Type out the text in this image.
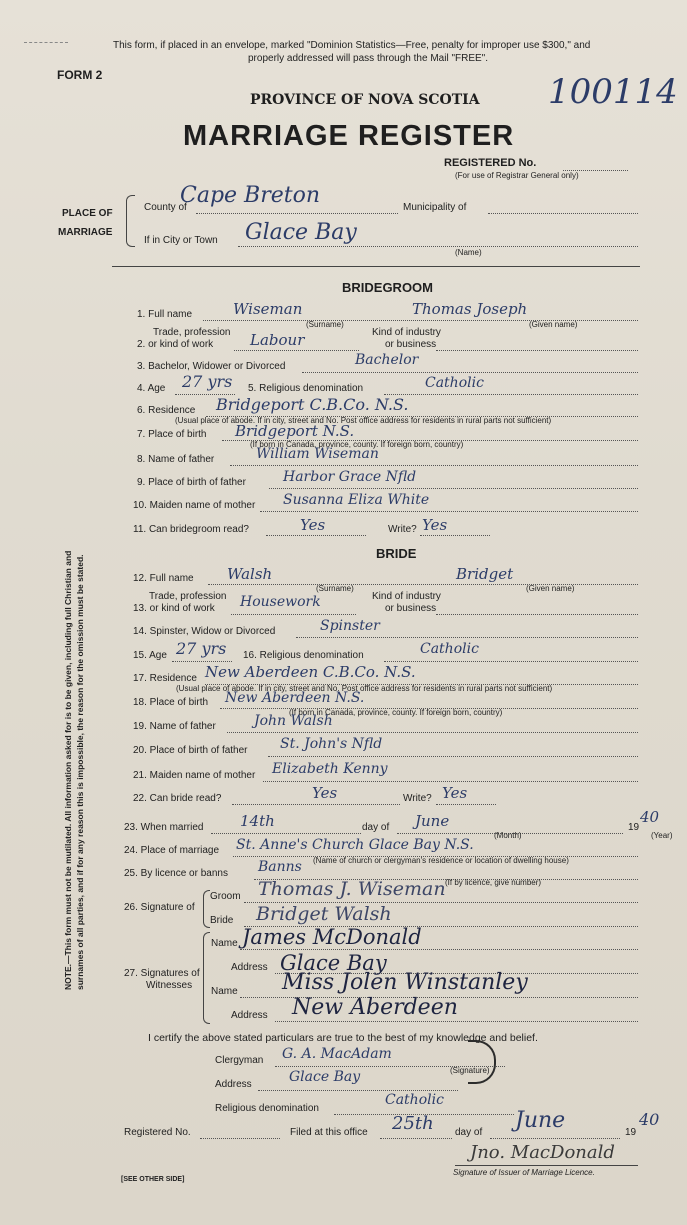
This form, if placed in an envelope, marked "Dominion Statistics—Free, penalty for improper use $300," and
properly addressed will pass through the Mail "FREE".
FORM 2	100114
PROVINCE OF NOVA SCOTIA
MARRIAGE REGISTER
REGISTERED No.
(For use of Registrar General only)
PLACE OF
MARRIAGE
County of
Cape Breton	Municipality of
If in City or Town Glace Bay
(Name)
BRIDEGROOM
1. Full name	Wiseman	Thomas Joseph
(Surname)	(Given name)
Trade, profession
2. or kind of work Labour	Kind of industry
or business
3. Bachelor, Widower or Divorced	Bachelor
4. Age 27 yrs 5. Religious denomination	Catholic
6. Residence Bridgeport C.B.Co. N.S.
(Usual place of abode. If in city, street and No. Post office address for residents in rural parts not sufficient)
7. Place of birth Bridgeport N.S.
(If born in Canada, province, county. If foreign born, country)
8. Name of father	William Wiseman
9. Place of birth of father	Harbor Grace Nfld
10. Maiden name of mother Susanna Eliza White
11. Can bridegroom read?	Yes	Write? Yes
BRIDE
12. Full name Walsh	Bridget
(Surname)	(Given name)
Trade, profession
13. or kind of work Housework	Kind of industry
or business
14. Spinster, Widow or Divorced	Spinster
15. Age 27 yrs 16. Religious denomination	Catholic
17. Residence New Aberdeen C.B.Co. N.S.
(Usual place of abode. If in city, street and No. Post office address for residents in rural parts not sufficient)
18. Place of birth New Aberdeen N.S.
(If born in Canada, province, county. If foreign born, country)
19. Name of father	John Walsh
20. Place of birth of father St. John's Nfld
21. Maiden name of mother Elizabeth Kenny
22. Can bride read?	Yes	Write? Yes
23. When married 14th	day of June
(Month)
19
40
(Year)
24. Place of marriage St. Anne's Church Glace Bay N.S.
(Name of church or clergyman's residence or location of dwelling house)
25. By licence or banns Banns
(If by licence, give number)
26. Signature of
Groom Thomas J. Wiseman
Bride Bridget Walsh
27. Signatures of
Witnesses
Name James McDonald
Address Glace Bay
Name Miss Jolen Winstanley
Address New Aberdeen
I certify the above stated particulars are true to the best of my knowledge and belief.
Clergyman G. A. MacAdam
(Signature)
Address	Glace Bay
Religious denomination
Catholic
Registered No.	Filed at this office 25th day of June	19
40
Jno. MacDonald
Signature of Issuer of Marriage Licence.
[SEE OTHER SIDE]
NOTE.—This form must not be mutilated. All information asked for is to be given, including full Christian and surnames of all parties, and if for any reason this is impossible, the reason for the omission must be stated.
